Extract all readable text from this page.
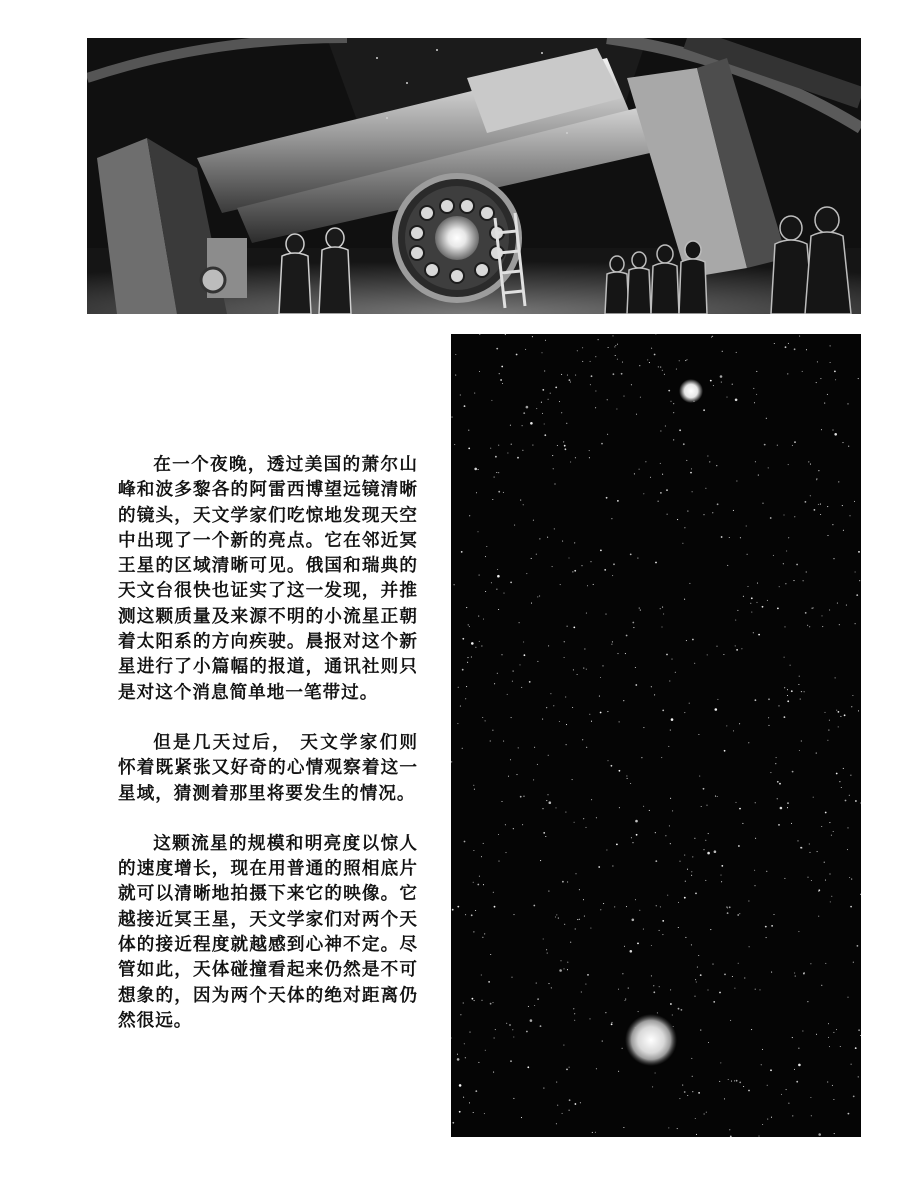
在一个夜晚，透过美国的萧尔山峰和波多黎各的阿雷西博望远镜清晰的镜头，天文学家们吃惊地发现天空中出现了一个新的亮点。它在邻近冥王星的区域清晰可见。俄国和瑞典的天文台很快也证实了这一发现，并推测这颗质量及来源不明的小流星正朝着太阳系的方向疾驶。晨报对这个新星进行了小篇幅的报道，通讯社则只是对这个消息简单地一笔带过。

但是几天过后， 天文学家们则怀着既紧张又好奇的心情观察着这一星域，猜测着那里将要发生的情况。

这颗流星的规模和明亮度以惊人的速度增长，现在用普通的照相底片就可以清晰地拍摄下来它的映像。它越接近冥王星，天文学家们对两个天体的接近程度就越感到心神不定。尽管如此，天体碰撞看起来仍然是不可想象的，因为两个天体的绝对距离仍然很远。
